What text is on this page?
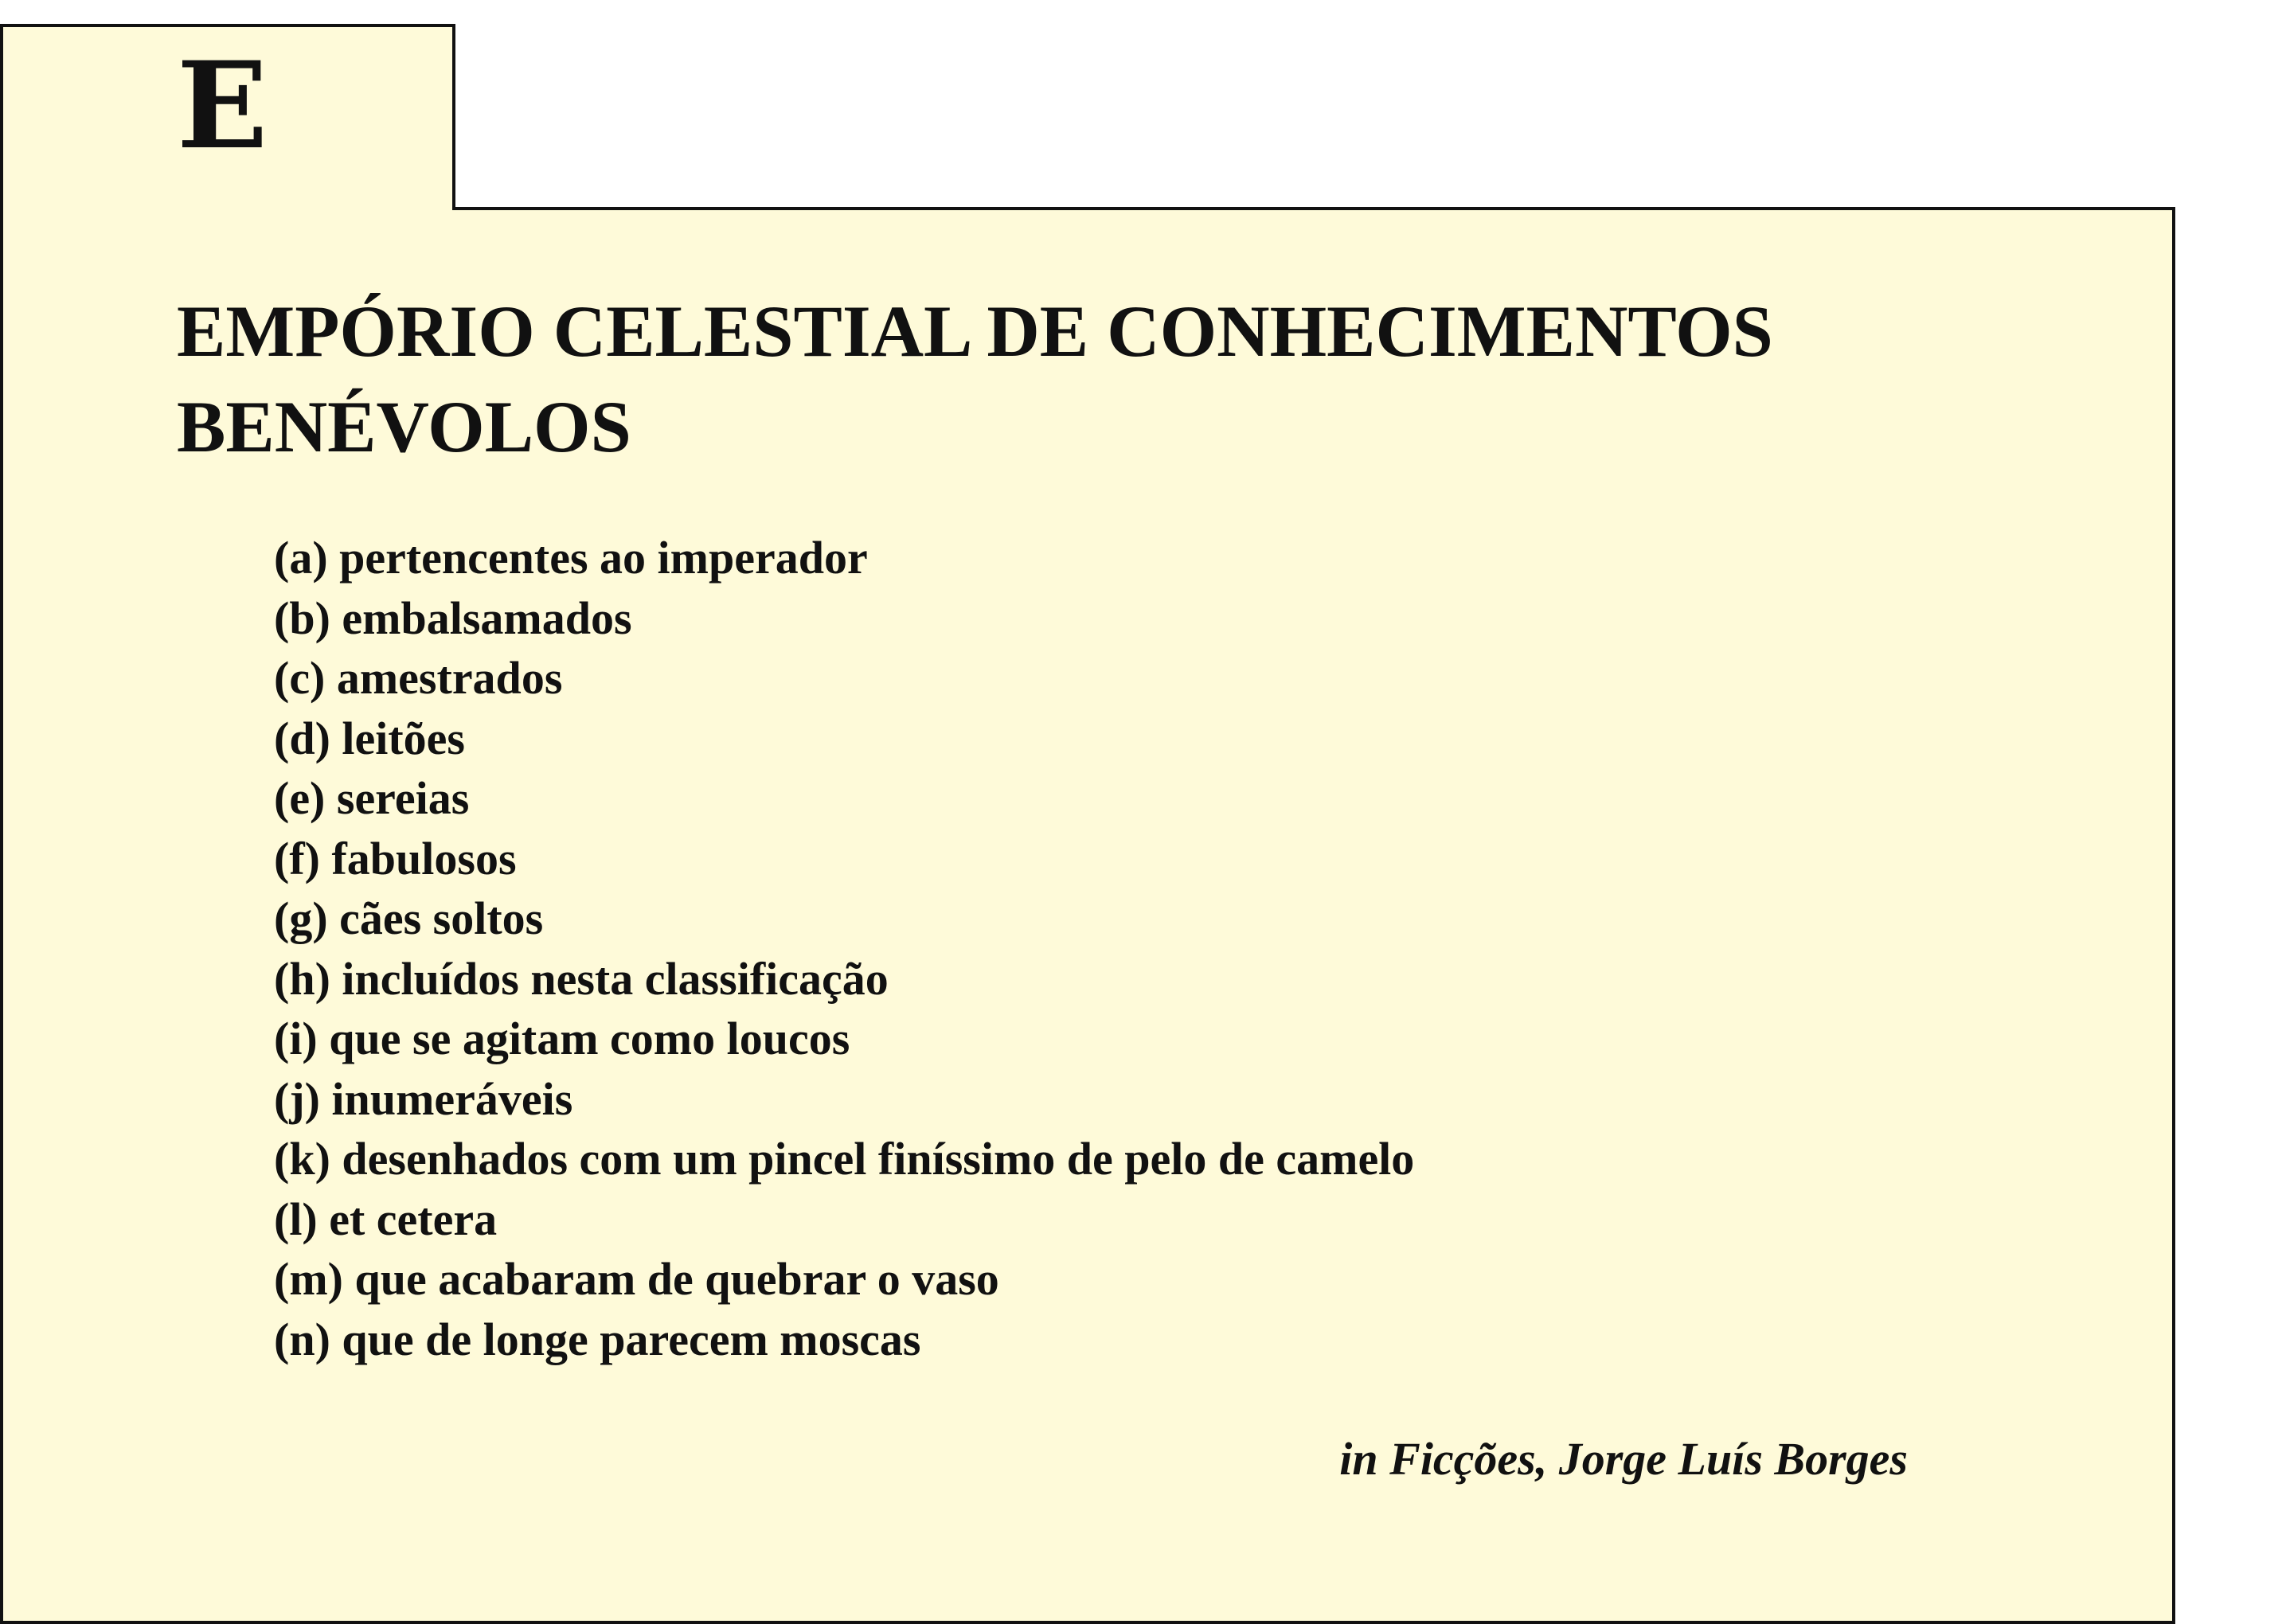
E
EMPÓRIO CELESTIAL DE CONHECIMENTOS
BENÉVOLOS
(a) pertencentes ao imperador
(b) embalsamados
(c) amestrados
(d) leitões
(e) sereias
(f) fabulosos
(g) cães soltos
(h) incluídos nesta classificação
(i) que se agitam como loucos
(j) inumeráveis
(k) desenhados com um pincel finíssimo de pelo de camelo
(l) et cetera
(m) que acabaram de quebrar o vaso
(n) que de longe parecem moscas
in Ficções, Jorge Luís Borges
